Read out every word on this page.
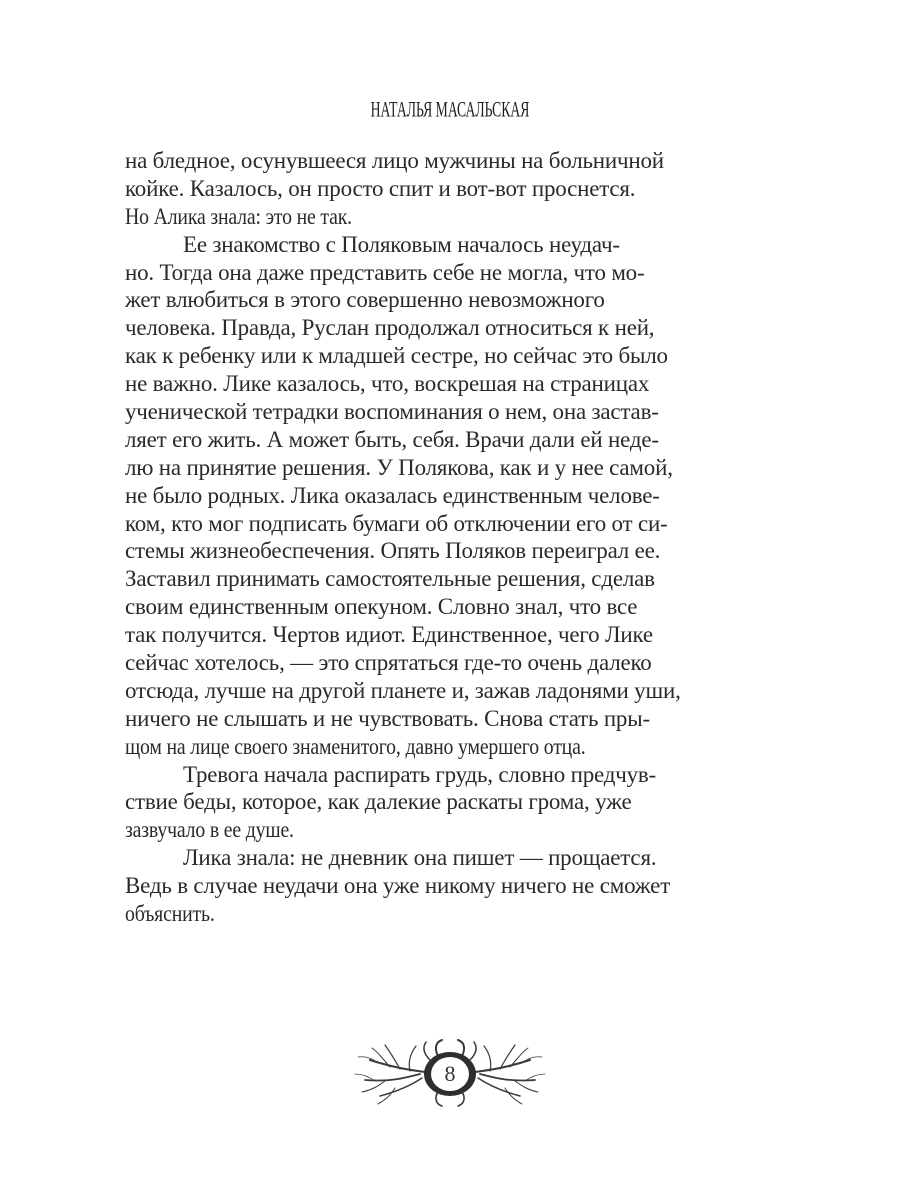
НАТАЛЬЯ МАСАЛЬСКАЯ
на бледное, осунувшееся лицо мужчины на больничной
койке. Казалось, он просто спит и вот-вот проснется.
Но Алика знала: это не так.
Ее знакомство с Поляковым началось неудач-
но. Тогда она даже представить себе не могла, что мо-
жет влюбиться в этого совершенно невозможного
человека. Правда, Руслан продолжал относиться к ней,
как к ребенку или к младшей сестре, но сейчас это было
не важно. Лике казалось, что, воскрешая на страницах
ученической тетрадки воспоминания о нем, она застав-
ляет его жить. А может быть, себя. Врачи дали ей неде-
лю на принятие решения. У Полякова, как и у нее самой,
не было родных. Лика оказалась единственным челове-
ком, кто мог подписать бумаги об отключении его от си-
стемы жизнеобеспечения. Опять Поляков переиграл ее.
Заставил принимать самостоятельные решения, сделав
своим единственным опекуном. Словно знал, что все
так получится. Чертов идиот. Единственное, чего Лике
сейчас хотелось, — это спрятаться где-то очень далеко
отсюда, лучше на другой планете и, зажав ладонями уши,
ничего не слышать и не чувствовать. Снова стать пры-
щом на лице своего знаменитого, давно умершего отца.
Тревога начала распирать грудь, словно предчув-
ствие беды, которое, как далекие раскаты грома, уже
зазвучало в ее душе.
Лика знала: не дневник она пишет — прощается.
Ведь в случае неудачи она уже никому ничего не сможет
объяснить.
8
